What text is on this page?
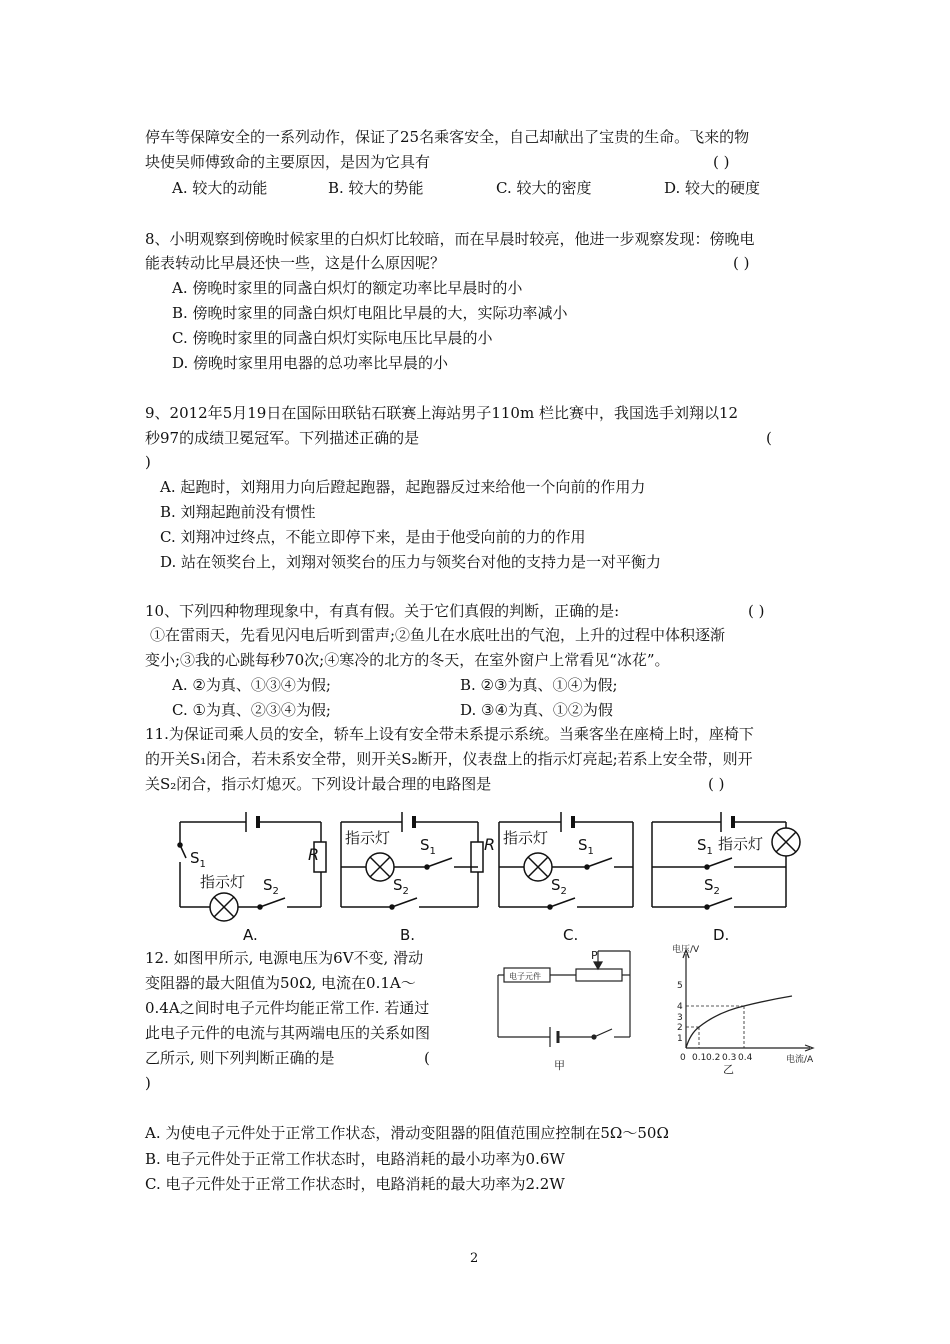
停车等保障安全的一系列动作，保证了25名乘客安全，自己却献出了宝贵的生命。飞来的物
块使吴师傅致命的主要原因，是因为它具有	( )
A. 较大的动能	B. 较大的势能	C. 较大的密度	D. 较大的硬度
8、小明观察到傍晚时候家里的白炽灯比较暗，而在早晨时较亮，他进一步观察发现：傍晚电
能表转动比早晨还快一些，这是什么原因呢？	( )
A. 傍晚时家里的同盏白炽灯的额定功率比早晨时的小
B. 傍晚时家里的同盏白炽灯电阻比早晨的大，实际功率减小
C. 傍晚时家里的同盏白炽灯实际电压比早晨的小
D. 傍晚时家里用电器的总功率比早晨的小
9、2012年5月19日在国际田联钻石联赛上海站男子110m 栏比赛中，我国选手刘翔以12
秒97的成绩卫冕冠军。下列描述正确的是	(
)
A. 起跑时，刘翔用力向后蹬起跑器，起跑器反过来给他一个向前的作用力
B. 刘翔起跑前没有惯性
C. 刘翔冲过终点，不能立即停下来，是由于他受向前的力的作用
D. 站在领奖台上，刘翔对领奖台的压力与领奖台对他的支持力是一对平衡力
10、下列四种物理现象中，有真有假。关于它们真假的判断，正确的是:	( )
①在雷雨天，先看见闪电后听到雷声;②鱼儿在水底吐出的气泡，上升的过程中体积逐渐
变小;③我的心跳每秒70次;④寒冷的北方的冬天，在室外窗户上常看见“冰花”。
A. ②为真、①③④为假;	B. ②③为真、①④为假;
C. ①为真、②③④为假;	D. ③④为真、①②为假
11.为保证司乘人员的安全，轿车上设有安全带未系提示系统。当乘客坐在座椅上时，座椅下
的开关S₁闭合，若未系安全带，则开关S₂断开，仪表盘上的指示灯亮起;若系上安全带，则开
关S₂闭合，指示灯熄灭。下列设计最合理的电路图是	( )
$S_1$
R
指示灯 $S_2$
指示灯 $S_1$	R
$S_2$
指示灯 $S_1$
$S_2$
$S_1$ 指示灯
$S_2$
A.	B.	C.	D.
12. 如图甲所示, 电源电压为6V不变, 滑动
变阻器的最大阻值为50Ω, 电流在0.1A～
0.4A之间时电子元件均能正常工作. 若通过
此电子元件的电流与其两端电压的关系如图
乙所示, 则下列判断正确的是	(
)
电子元件
P
甲
电压/V
电流/A
1
2
3
4
5
0 0.1 0.2 0.3 0.4
乙
A. 为使电子元件处于正常工作状态，滑动变阻器的阻值范围应控制在5Ω～50Ω
B. 电子元件处于正常工作状态时，电路消耗的最小功率为0.6W
C. 电子元件处于正常工作状态时，电路消耗的最大功率为2.2W
2
